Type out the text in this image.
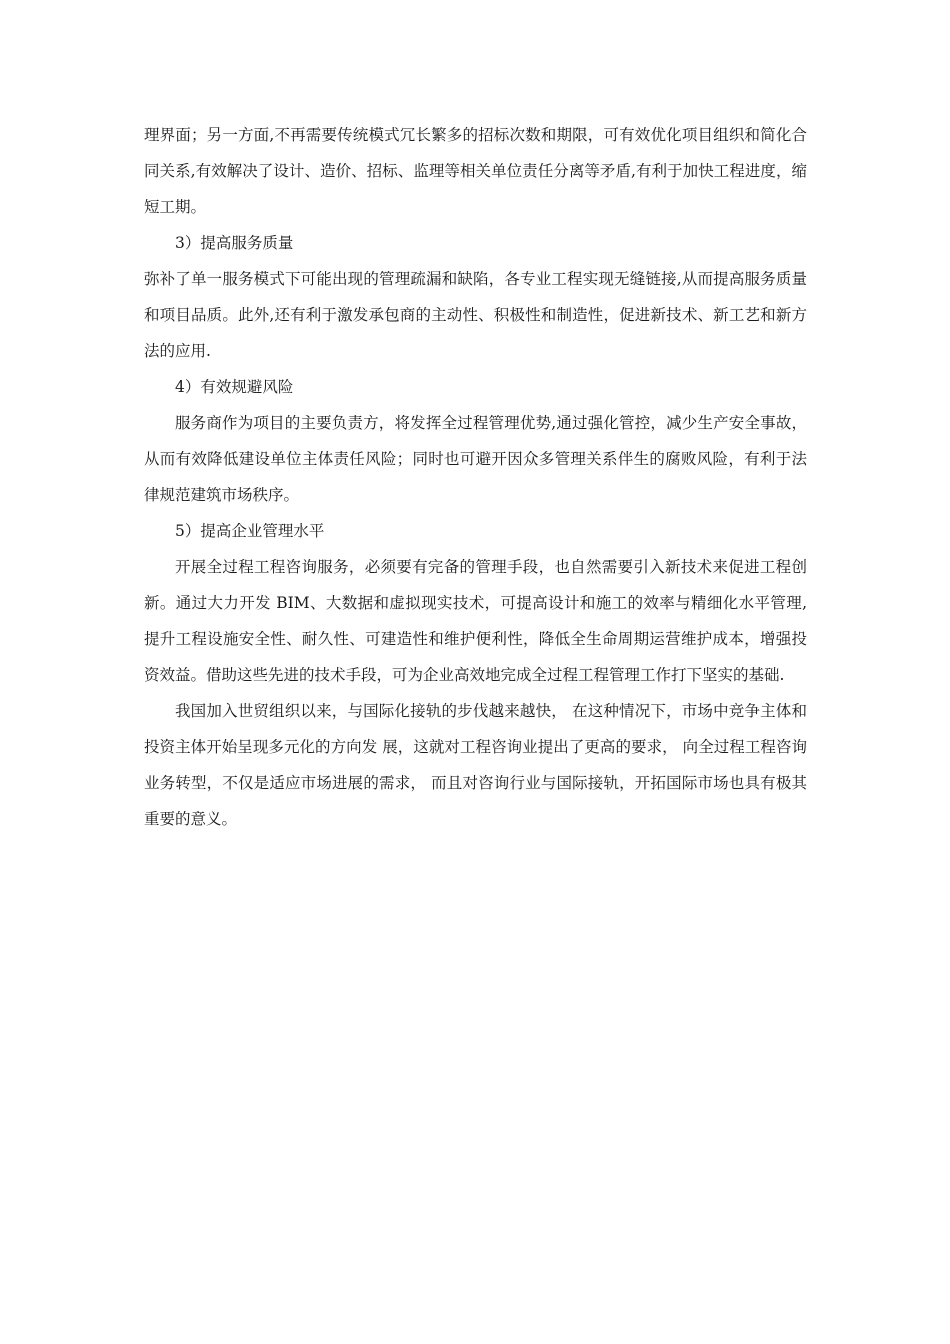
理界面；另一方面,不再需要传统模式冗长繁多的招标次数和期限，可有效优化项目组织和简化合同关系,有效解决了设计、造价、招标、监理等相关单位责任分离等矛盾,有利于加快工程进度，缩短工期。

3）提高服务质量

弥补了单一服务模式下可能出现的管理疏漏和缺陷，各专业工程实现无缝链接,从而提高服务质量和项目品质。此外,还有利于激发承包商的主动性、积极性和制造性，促进新技术、新工艺和新方法的应用.

4）有效规避风险

服务商作为项目的主要负责方，将发挥全过程管理优势,通过强化管控，减少生产安全事故，从而有效降低建设单位主体责任风险；同时也可避开因众多管理关系伴生的腐败风险，有利于法律规范建筑市场秩序。

5）提高企业管理水平

开展全过程工程咨询服务，必须要有完备的管理手段，也自然需要引入新技术来促进工程创新。通过大力开发 BIM、大数据和虚拟现实技术，可提高设计和施工的效率与精细化水平管理,提升工程设施安全性、耐久性、可建造性和维护便利性，降低全生命周期运营维护成本，增强投资效益。借助这些先进的技术手段，可为企业高效地完成全过程工程管理工作打下坚实的基础.

我国加入世贸组织以来，与国际化接轨的步伐越来越快， 在这种情况下，市场中竞争主体和投资主体开始呈现多元化的方向发 展，这就对工程咨询业提出了更高的要求， 向全过程工程咨询业务转型，不仅是适应市场进展的需求， 而且对咨询行业与国际接轨，开拓国际市场也具有极其重要的意义。
